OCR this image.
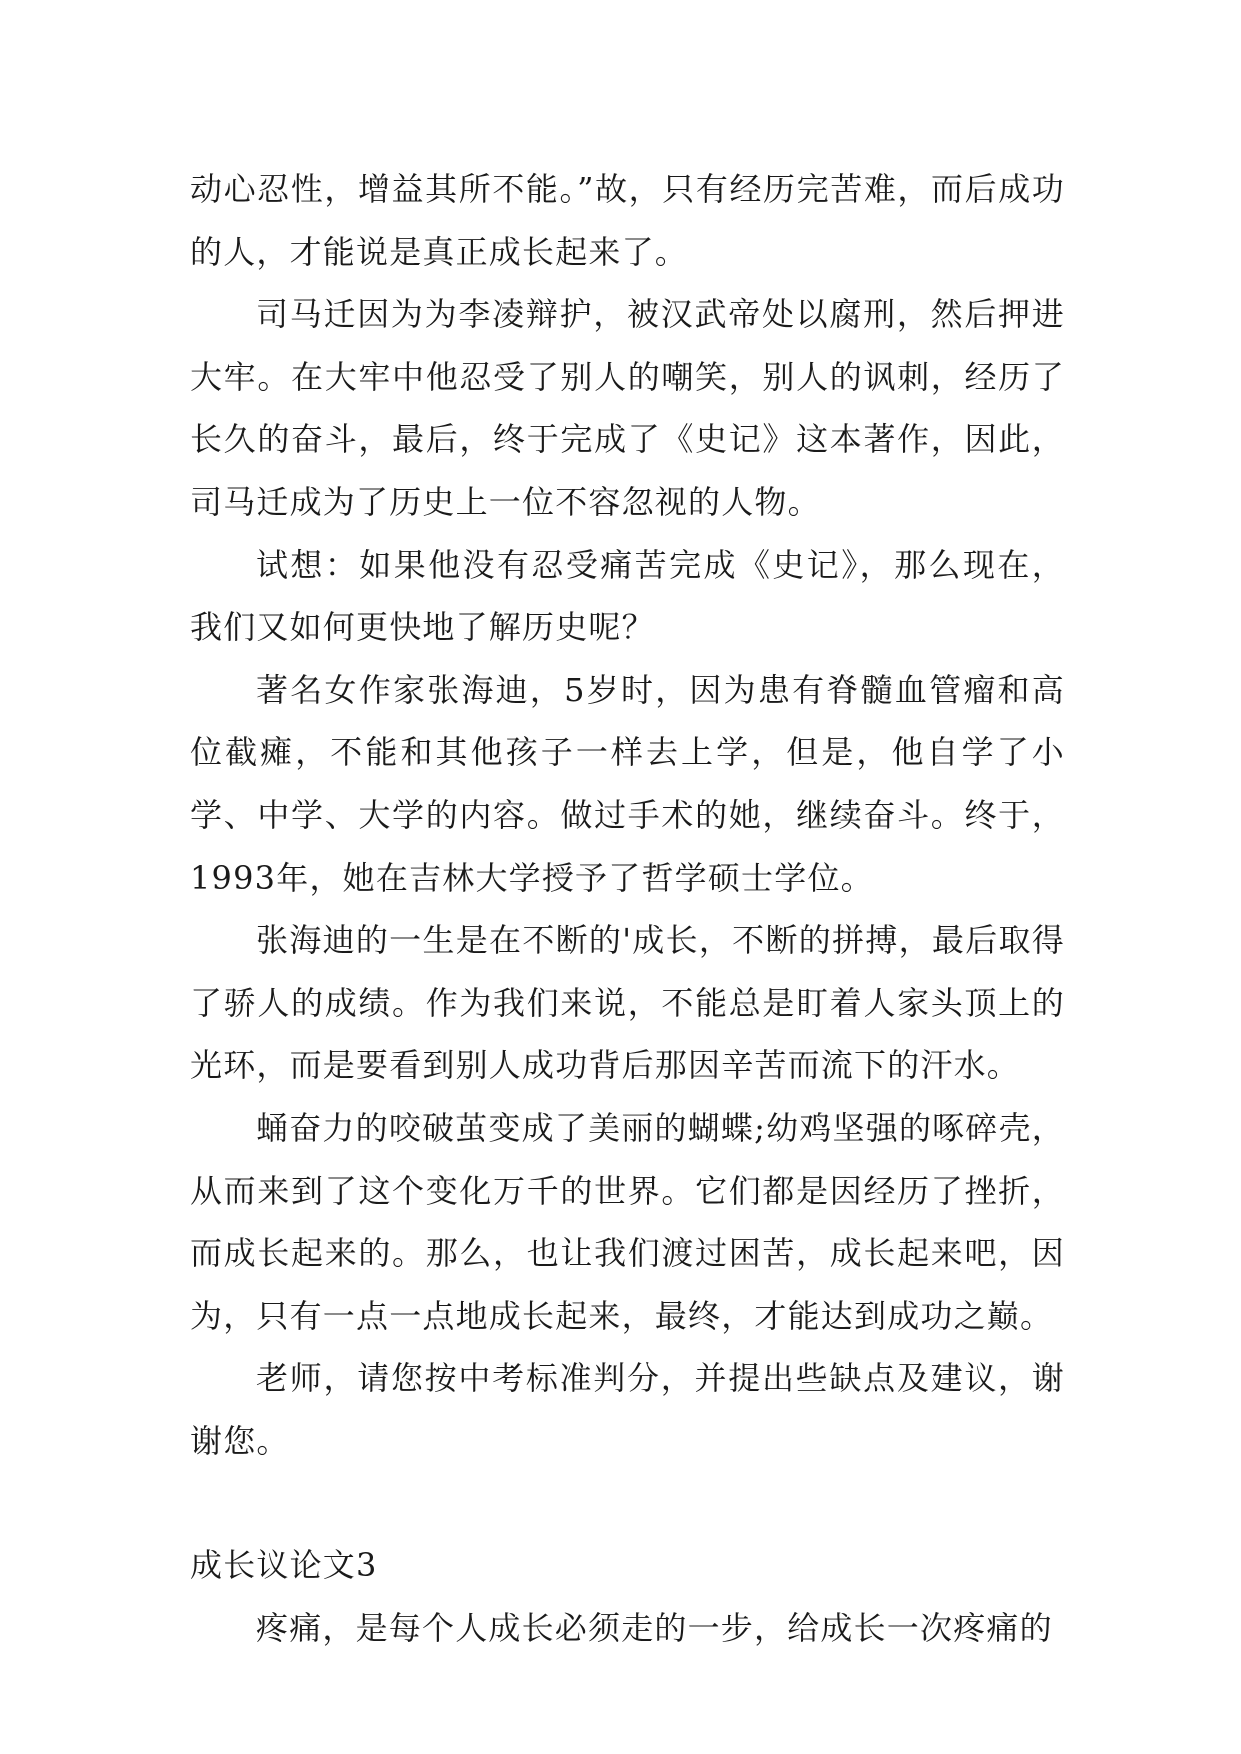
动心忍性，增益其所不能。”故，只有经历完苦难，而后成功的人，才能说是真正成长起来了。

司马迁因为为李凌辩护，被汉武帝处以腐刑，然后押进大牢。在大牢中他忍受了别人的嘲笑，别人的讽刺，经历了长久的奋斗，最后，终于完成了《史记》这本著作，因此，司马迁成为了历史上一位不容忽视的人物。

试想：如果他没有忍受痛苦完成《史记》，那么现在，我们又如何更快地了解历史呢？

著名女作家张海迪，5岁时，因为患有脊髓血管瘤和高位截瘫，不能和其他孩子一样去上学，但是，他自学了小学、中学、大学的内容。做过手术的她，继续奋斗。终于，1993年，她在吉林大学授予了哲学硕士学位。

张海迪的一生是在不断的'成长，不断的拼搏，最后取得了骄人的成绩。作为我们来说，不能总是盯着人家头顶上的光环，而是要看到别人成功背后那因辛苦而流下的汗水。

蛹奋力的咬破茧变成了美丽的蝴蝶;幼鸡坚强的啄碎壳，从而来到了这个变化万千的世界。它们都是因经历了挫折，而成长起来的。那么，也让我们渡过困苦，成长起来吧，因为，只有一点一点地成长起来，最终，才能达到成功之巅。

老师，请您按中考标准判分，并提出些缺点及建议，谢谢您。

成长议论文3

疼痛，是每个人成长必须走的一步，给成长一次疼痛的
